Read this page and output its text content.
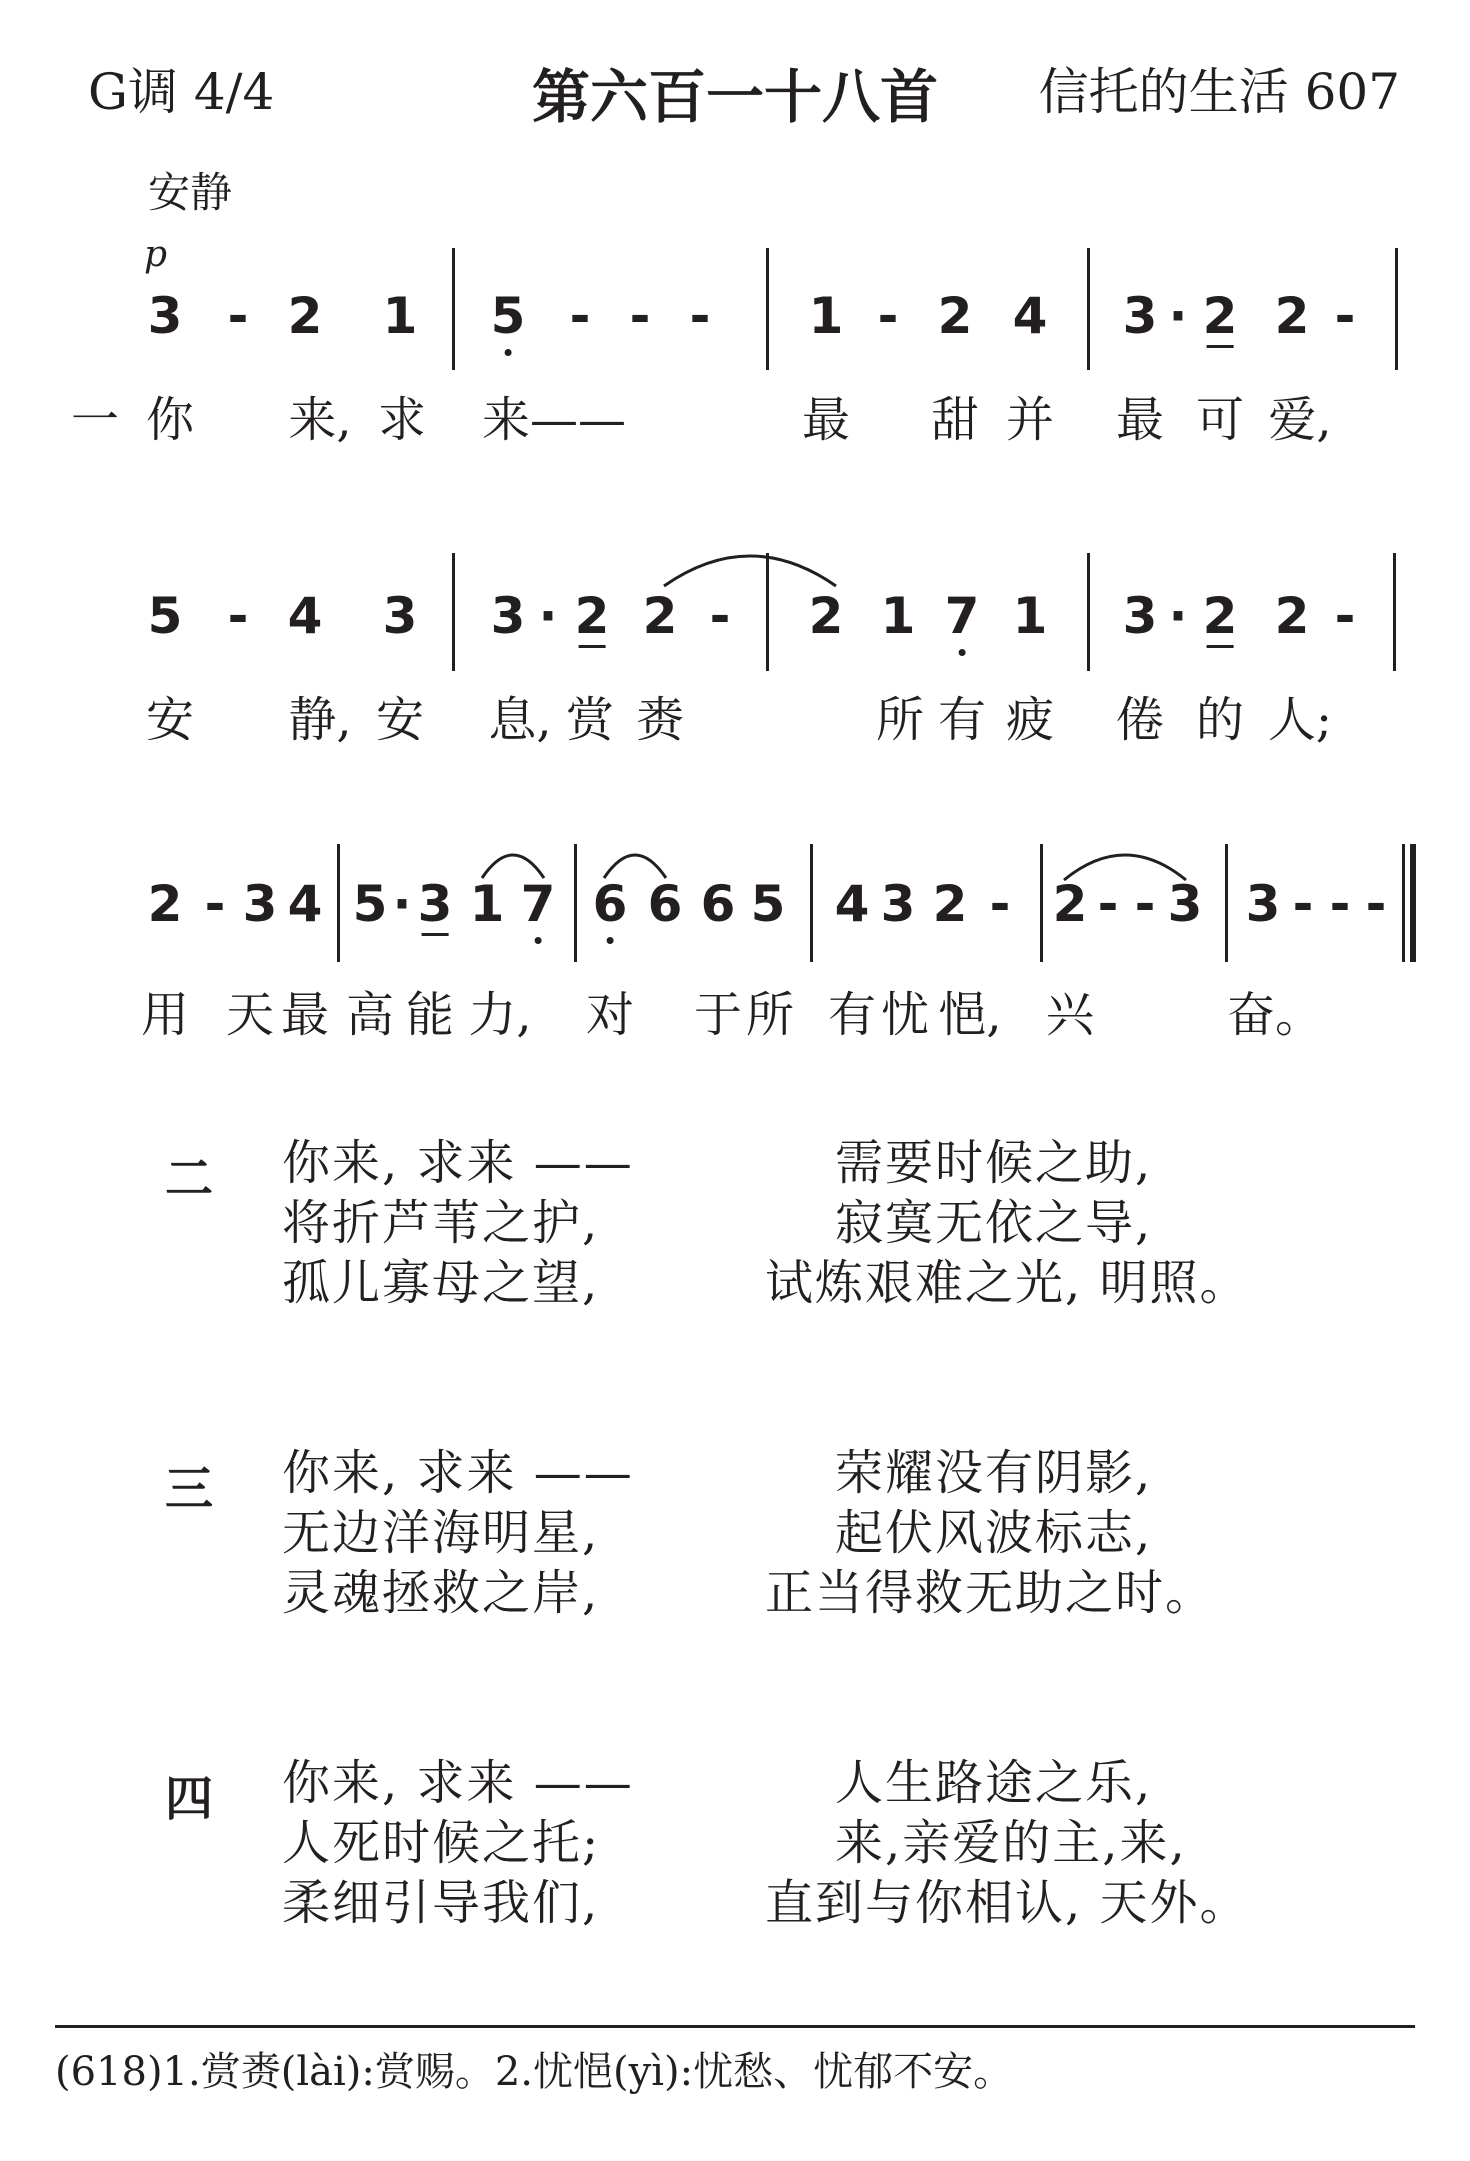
G调 4/4	第六百一十八首	信托的生活 607
安静
p
3 - 2 1 5 - - - 1 - 2 4 3 · 2 2 -
一 你 来, 求 来——	最 甜 并 最 可 爱,
5 - 4 3 3 · 2 2 - 2 1 7 1 3 · 2 2 -
安 静, 安 息, 赏 赉	所 有 疲 倦 的 人;
2 - 3 4 5 · 3 1 7 6 6 6 5 4 3 2 - 2 - - 3 3 - - -
用 天 最 高 能 力, 对 于 所 有 忧 悒, 兴	奋。
二 你来, 求来 ——	需要时候之助,
将折芦苇之护,	寂寞无依之导,
孤儿寡母之望,	试炼艰难之光, 明照。
三 你来, 求来 ——	荣耀没有阴影,
无边洋海明星,	起伏风波标志,
灵魂拯救之岸,	正当得救无助之时。
四 你来, 求来 ——	人生路途之乐,
人死时候之托;	来,亲爱的主,来,
柔细引导我们,	直到与你相认, 天外。
(618)1.赏赉(lài):赏赐。2.忧悒(yì):忧愁、忧郁不安。
